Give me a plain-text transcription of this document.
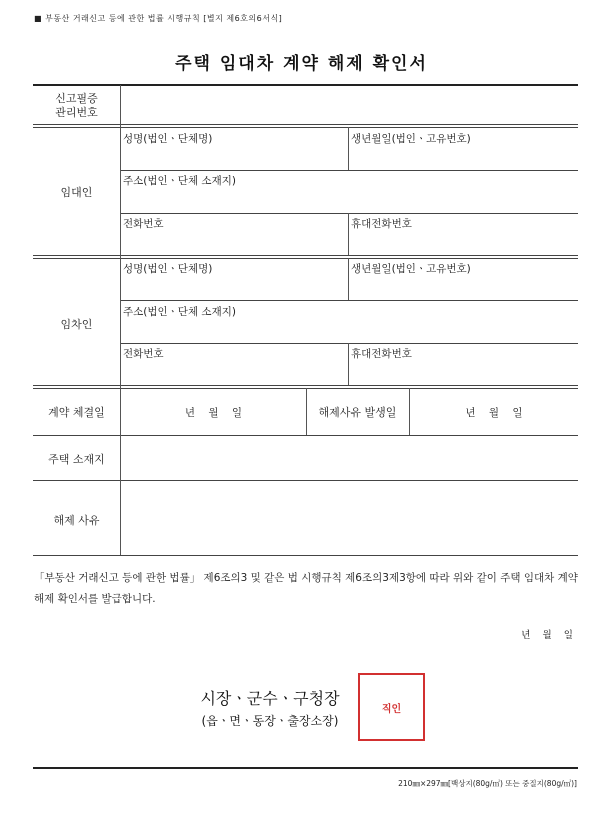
■ 부동산 거래신고 등에 관한 법률 시행규칙 [별지 제6호의6서식]
주택 임대차 계약 해제 확인서
신고필증
관리번호
임대인
성명(법인ㆍ단체명)	생년월일(법인ㆍ고유번호)
주소(법인ㆍ단체 소재지)
전화번호	휴대전화번호
임차인
성명(법인ㆍ단체명)	생년월일(법인ㆍ고유번호)
주소(법인ㆍ단체 소재지)
전화번호	휴대전화번호
계약 체결일	년    월    일	해제사유 발생일	년    월    일
주택 소재지
해제 사유
「부동산 거래신고 등에 관한 법률」 제6조의3 및 같은 법 시행규칙 제6조의3제3항에 따라 위와 같이 주택 임대차 계약 해제 확인서를 발급합니다.
년    월    일
시장ㆍ군수ㆍ구청장
(읍ㆍ면ㆍ동장ㆍ출장소장)
직인
210㎜×297㎜[백상지(80g/㎡) 또는 중질지(80g/㎡)]
